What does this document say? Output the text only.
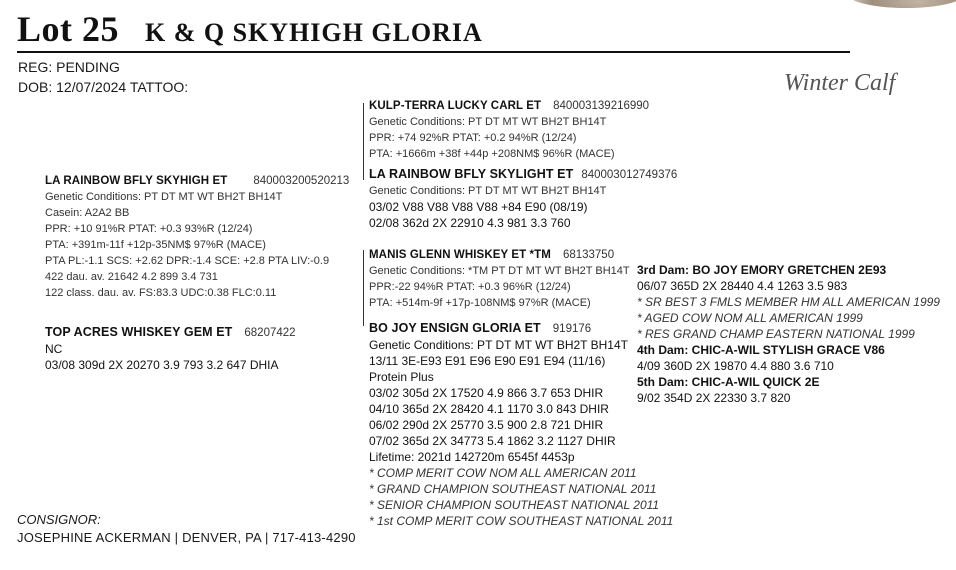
Lot 25 K & Q SKYHIGH GLORIA
REG: PENDING
DOB: 12/07/2024 TATTOO:	Winter Calf
KULP-TERRA LUCKY CARL ET 840003139216990
Genetic Conditions: PT DT MT WT BH2T BH14T
PPR: +74 92%R PTAT: +0.2 94%R (12/24)
PTA: +1666m +38f +44p +208NM$ 96%R (MACE)
LA RAINBOW BFLY SKYHIGH ET 840003200520213
Genetic Conditions: PT DT MT WT BH2T BH14T
Casein: A2A2 BB
PPR: +10 91%R PTAT: +0.3 93%R (12/24)
PTA: +391m-11f +12p-35NM$ 97%R (MACE)
PTA PL:-1.1 SCS: +2.62 DPR:-1.4 SCE: +2.8 PTA LIV:-0.9
422 dau. av. 21642 4.2 899 3.4 731
122 class. dau. av. FS:83.3 UDC:0.38 FLC:0.11
LA RAINBOW BFLY SKYLIGHT ET 840003012749376
Genetic Conditions: PT DT MT WT BH2T BH14T
03/02 V88 V88 V88 V88 +84 E90 (08/19)
02/08 362d 2X 22910 4.3 981 3.3 760
MANIS GLENN WHISKEY ET *TM 68133750
Genetic Conditions: *TM PT DT MT WT BH2T BH14T
PPR:-22 94%R PTAT: +0.3 96%R (12/24)
PTA: +514m-9f +17p-108NM$ 97%R (MACE)
TOP ACRES WHISKEY GEM ET 68207422
NC
03/08 309d 2X 20270 3.9 793 3.2 647 DHIA
BO JOY ENSIGN GLORIA ET 919176
Genetic Conditions: PT DT MT WT BH2T BH14T
13/11 3E-E93 E91 E96 E90 E91 E94 (11/16)
Protein Plus
03/02 305d 2X 17520 4.9 866 3.7 653 DHIR
04/10 365d 2X 28420 4.1 1170 3.0 843 DHIR
06/02 290d 2X 25770 3.5 900 2.8 721 DHIR
07/02 365d 2X 34773 5.4 1862 3.2 1127 DHIR
Lifetime: 2021d 142720m 6545f 4453p
* COMP MERIT COW NOM ALL AMERICAN 2011
* GRAND CHAMPION SOUTHEAST NATIONAL 2011
* SENIOR CHAMPION SOUTHEAST NATIONAL 2011
* 1st COMP MERIT COW SOUTHEAST NATIONAL 2011
3rd Dam: BO JOY EMORY GRETCHEN 2E93
06/07 365D 2X 28440 4.4 1263 3.5 983
* SR BEST 3 FMLS MEMBER HM ALL AMERICAN 1999
* AGED COW NOM ALL AMERICAN 1999
* RES GRAND CHAMP EASTERN NATIONAL 1999
4th Dam: CHIC-A-WIL STYLISH GRACE V86
4/09 360D 2X 19870 4.4 880 3.6 710
5th Dam: CHIC-A-WIL QUICK 2E
9/02 354D 2X 22330 3.7 820
CONSIGNOR:
JOSEPHINE ACKERMAN | DENVER, PA | 717-413-4290
